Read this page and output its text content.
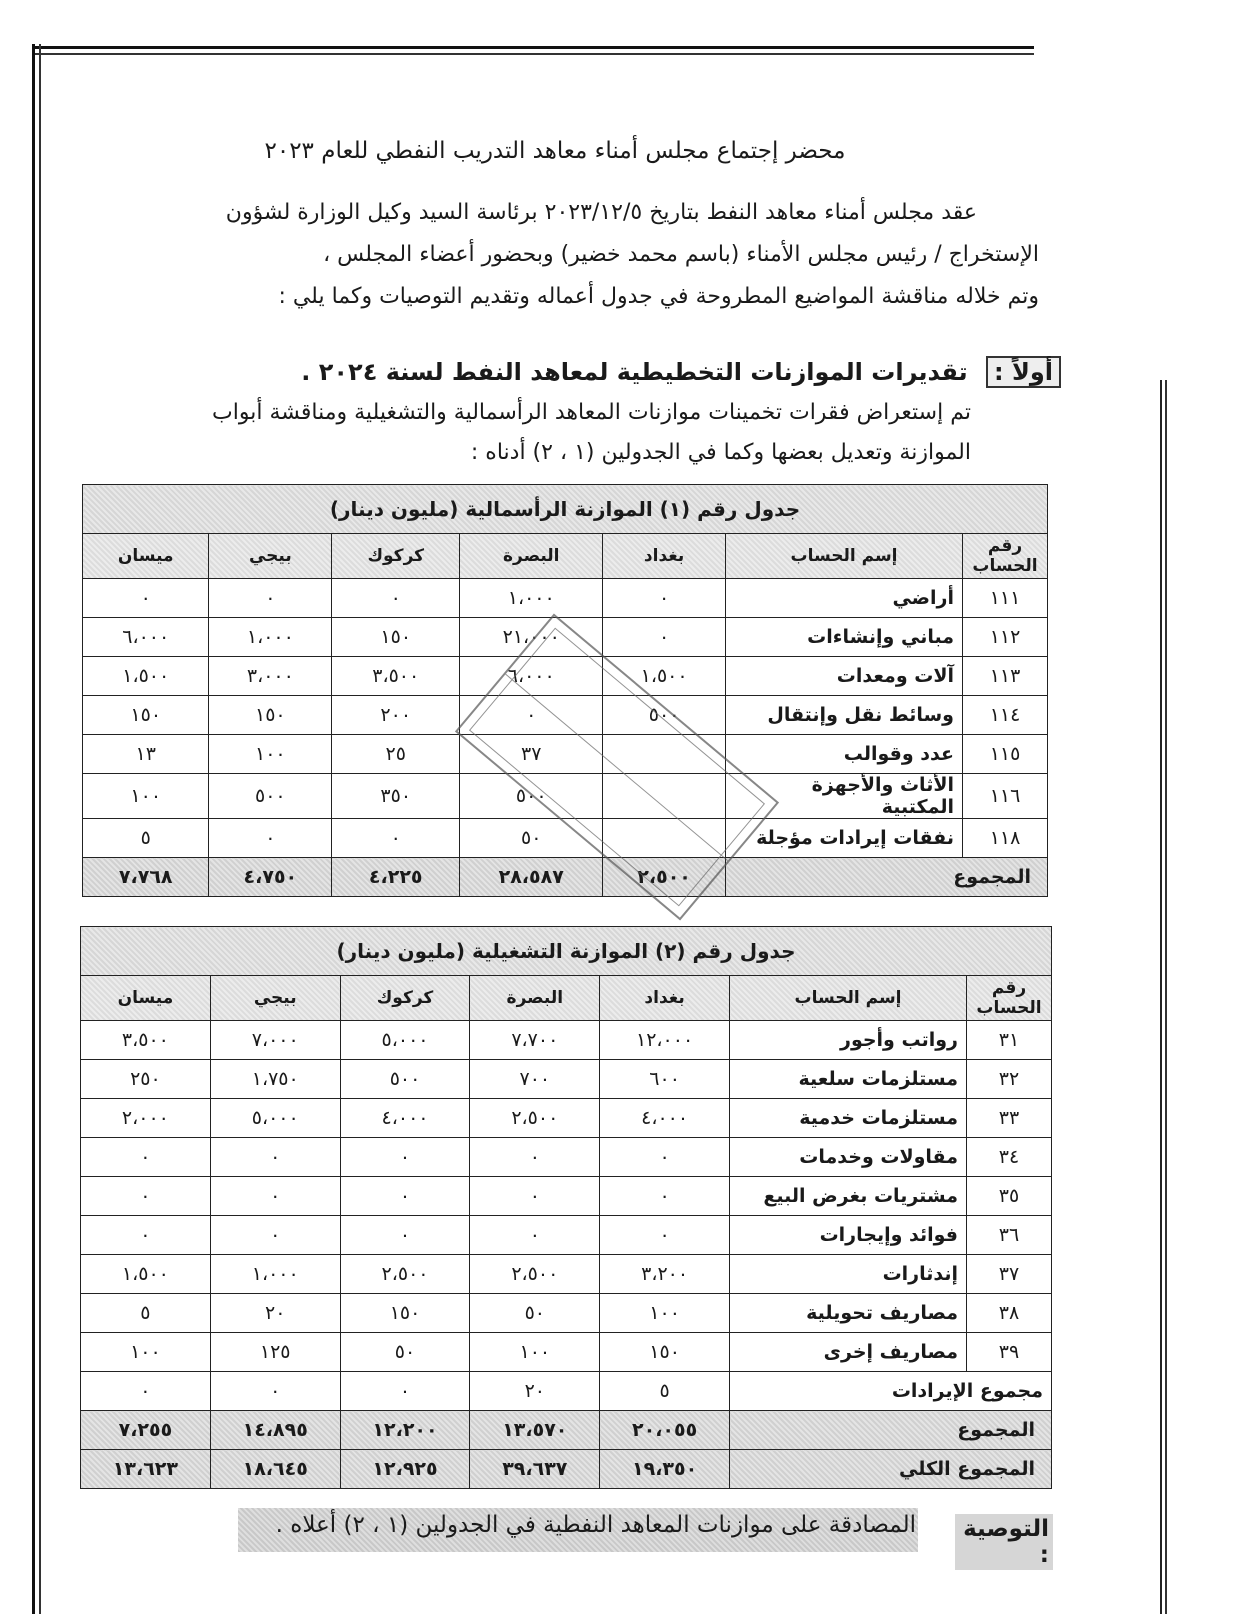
محضر إجتماع مجلس أمناء معاهد التدريب النفطي للعام ٢٠٢٣
عقد مجلس أمناء معاهد النفط بتاريخ ٢٠٢٣/١٢/٥ برئاسة السيد وكيل الوزارة لشؤون
الإستخراج / رئيس مجلس الأمناء (باسم محمد خضير) وبحضور أعضاء المجلس ،
وتم خلاله مناقشة المواضيع المطروحة في جدول أعماله وتقديم التوصيات وكما يلي :
أولاً : تقديرات الموازنات التخطيطية لمعاهد النفط لسنة ٢٠٢٤ .
تم إستعراض فقرات تخمينات موازنات المعاهد الرأسمالية والتشغيلية ومناقشة أبواب
الموازنة وتعديل بعضها وكما في الجدولين (١ ، ٢) أدناه :
جدول رقم (١) الموازنة الرأسمالية (مليون دينار)						
رقم الحساب	إسم الحساب	بغداد	البصرة	كركوك	بيجي	ميسان
١١١	أراضي	٠	١،٠٠٠	٠	٠	٠
١١٢	مباني وإنشاءات	٠	٢١،٠٠٠	١٥٠	١،٠٠٠	٦،٠٠٠
١١٣	آلات ومعدات	١،٥٠٠	٦،٠٠٠	٣،٥٠٠	٣،٠٠٠	١،٥٠٠
١١٤	وسائط نقل وإنتقال	٥٠٠	٠	٢٠٠	١٥٠	١٥٠
١١٥	عدد وقوالب		٣٧	٢٥	١٠٠	١٣
١١٦	الأثاث والأجهزة المكتبية		٥٠٠	٣٥٠	٥٠٠	١٠٠
١١٨	نفقات إيرادات مؤجلة		٥٠	٠	٠	٥
المجموع		٢،٥٠٠	٢٨،٥٨٧	٤،٢٢٥	٤،٧٥٠	٧،٧٦٨
جدول رقم (٢) الموازنة التشغيلية (مليون دينار)						
رقم الحساب	إسم الحساب	بغداد	البصرة	كركوك	بيجي	ميسان
٣١	رواتب وأجور	١٢،٠٠٠	٧،٧٠٠	٥،٠٠٠	٧،٠٠٠	٣،٥٠٠
٣٢	مستلزمات سلعية	٦٠٠	٧٠٠	٥٠٠	١،٧٥٠	٢٥٠
٣٣	مستلزمات خدمية	٤،٠٠٠	٢،٥٠٠	٤،٠٠٠	٥،٠٠٠	٢،٠٠٠
٣٤	مقاولات وخدمات	٠	٠	٠	٠	٠
٣٥	مشتريات بغرض البيع	٠	٠	٠	٠	٠
٣٦	فوائد وإيجارات	٠	٠	٠	٠	٠
٣٧	إندثارات	٣،٢٠٠	٢،٥٠٠	٢،٥٠٠	١،٠٠٠	١،٥٠٠
٣٨	مصاريف تحويلية	١٠٠	٥٠	١٥٠	٢٠	٥
٣٩	مصاريف إخرى	١٥٠	١٠٠	٥٠	١٢٥	١٠٠
مجموع الإيرادات		٥	٢٠	٠	٠	٠
المجموع		٢٠،٠٥٥	١٣،٥٧٠	١٢،٢٠٠	١٤،٨٩٥	٧،٢٥٥
المجموع الكلي		١٩،٣٥٠	٣٩،٦٣٧	١٢،٩٢٥	١٨،٦٤٥	١٣،٦٢٣
المصادقة على موازنات المعاهد النفطية في الجدولين (١ ، ٢) أعلاه .	التوصية :
